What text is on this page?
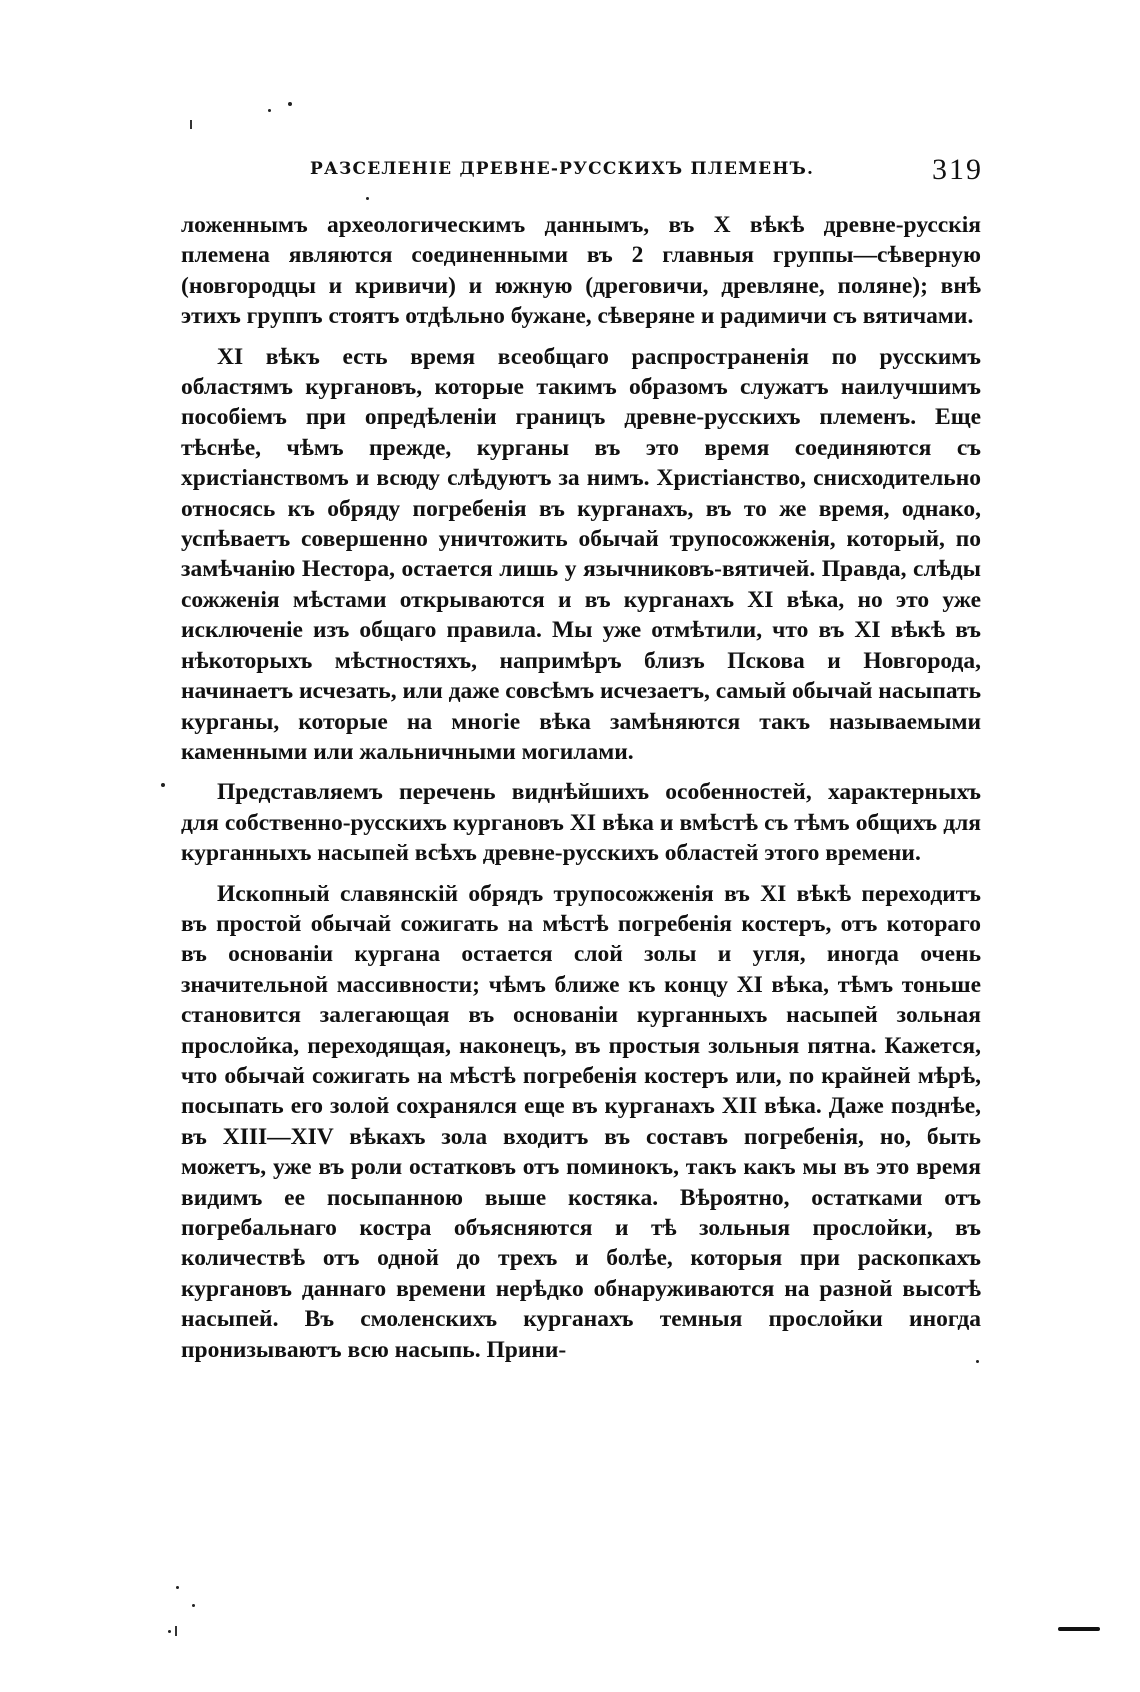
РАЗСЕЛЕНІЕ ДРЕВНЕ-РУССКИХЪ ПЛЕМЕНЪ.	319

ложеннымъ археологическимъ даннымъ, въ X вѣкѣ древне-русскія племена являются соединенными въ 2 главныя группы—сѣверную (новгородцы и кривичи) и южную (дреговичи, древляне, поляне); внѣ этихъ группъ стоятъ отдѣльно бужане, сѣверяне и радимичи съ вятичами.

XI вѣкъ есть время всеобщаго распространенія по русскимъ областямъ кургановъ, которые такимъ образомъ служатъ наилучшимъ пособіемъ при опредѣленіи границъ древне-русскихъ племенъ. Еще тѣснѣе, чѣмъ прежде, курганы въ это время соединяются съ христіанствомъ и всюду слѣдуютъ за нимъ. Христіанство, снисходительно относясь къ обряду погребенія въ курганахъ, въ то же время, однако, успѣваетъ совершенно уничтожить обычай трупосожженія, который, по замѣчанію Нестора, остается лишь у язычниковъ-вятичей. Правда, слѣды сожженія мѣстами открываются и въ курганахъ XI вѣка, но это уже исключеніе изъ общаго правила. Мы уже отмѣтили, что въ XI вѣкѣ въ нѣкоторыхъ мѣстностяхъ, напримѣръ близъ Пскова и Новгорода, начинаетъ исчезать, или даже совсѣмъ исчезаетъ, самый обычай насыпать курганы, которые на многіе вѣка замѣняются такъ называемыми каменными или жальничными могилами.

Представляемъ перечень виднѣйшихъ особенностей, характерныхъ для собственно-русскихъ кургановъ XI вѣка и вмѣстѣ съ тѣмъ общихъ для курганныхъ насыпей всѣхъ древне-русскихъ областей этого времени.

Ископный славянскій обрядъ трупосожженія въ XI вѣкѣ переходитъ въ простой обычай сожигать на мѣстѣ погребенія костеръ, отъ котораго въ основаніи кургана остается слой золы и угля, иногда очень значительной массивности; чѣмъ ближе къ концу XI вѣка, тѣмъ тоньше становится залегающая въ основаніи курганныхъ насыпей зольная прослойка, переходящая, наконецъ, въ простыя зольныя пятна. Кажется, что обычай сожигать на мѣстѣ погребенія костеръ или, по крайней мѣрѣ, посыпать его золой сохранялся еще въ курганахъ XII вѣка. Даже позднѣе, въ XIII—XIV вѣкахъ зола входитъ въ составъ погребенія, но, быть можетъ, уже въ роли остатковъ отъ поминокъ, такъ какъ мы въ это время видимъ ее посыпанною выше костяка. Вѣроятно, остатками отъ погребальнаго костра объясняются и тѣ зольныя прослойки, въ количествѣ отъ одной до трехъ и болѣе, которыя при раскопкахъ кургановъ даннаго времени нерѣдко обнаруживаются на разной высотѣ насыпей. Въ смоленскихъ курганахъ темныя прослойки иногда пронизываютъ всю насыпь. Прини-
